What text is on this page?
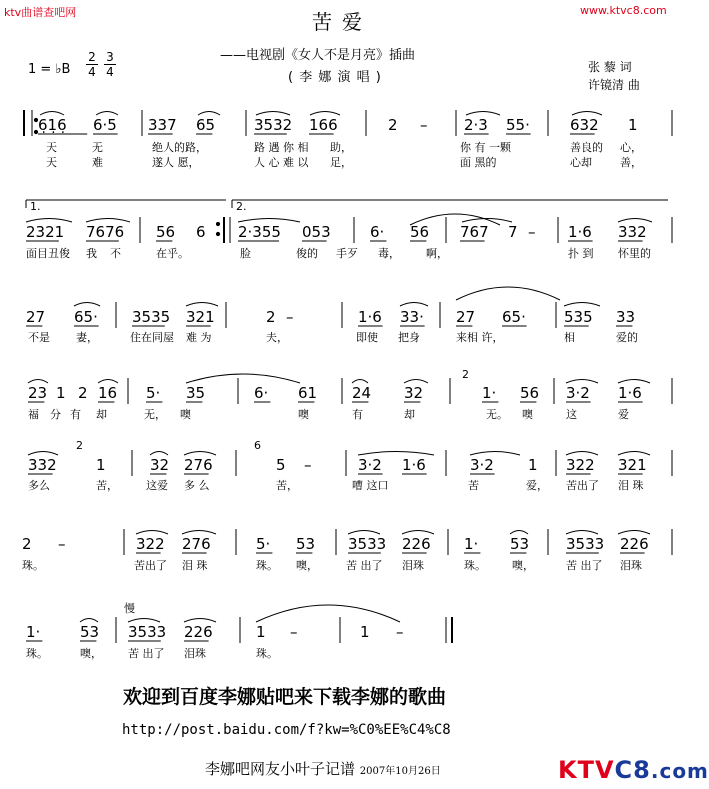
ktv曲谱查吧网	www.ktvc8.com
苦爱
——电视剧《女人不是月亮》插曲
( 李 娜 演 唱 )
1 = ♭B $\frac{2}{4} \frac{3}{4}$	张 藜 词
许镜清 曲
6̣1̣6̣ 6·5 337 65	3532 166	2 – 2·3 55·	632 1
天	无	绝人的路，	路 遇 你 相 助，	你 有 一颗	善良的 心，
天	难	遂人 愿，	人 心 难 以 足，	面 黑的	心却	善，
2321 7676 56 6 2·355 053	6· 56 767 7 – 1·6 332
面目丑俊 我 不	在乎。	脸	俊的 手歹 毒， 啊，	扑 到 怀里的
27 65· 3535 321	2 –	1·6 33· 27 65·	535 33
不是 妻，	住在同屋 难 为	夫，	即使 把身	来相 许，	相	爱的
23 1 2 16 5· 35	6· 61 24 32	1· 56 3·2 1·6
福 分 有 却	无， 噢	噢	有	却	无。 噢	这	爱
332	1	32 276	5 –	3·2 1·6	3·2 1 322 321
多么	苦，	这爱 多 么	苦，	嘈 这口	苦	爱， 苦出了 泪 珠
2 –	322 276	5· 53 3533 226 1· 53 3533 226
珠。	苦出了 泪 珠	珠。 噢，	苦 出了 泪珠	珠。 噢，	苦 出了 泪珠
1·	53 3533 226	1 –	1 –
珠。	噢， 苦 出了 泪珠	珠。
1.	2.
2
2	6
慢
欢迎到百度李娜贴吧来下载李娜的歌曲
http://post.baidu.com/f?kw=%C0%EE%C4%C8
李娜吧网友小叶子记谱 2007年10月26日	KTVC8.com
